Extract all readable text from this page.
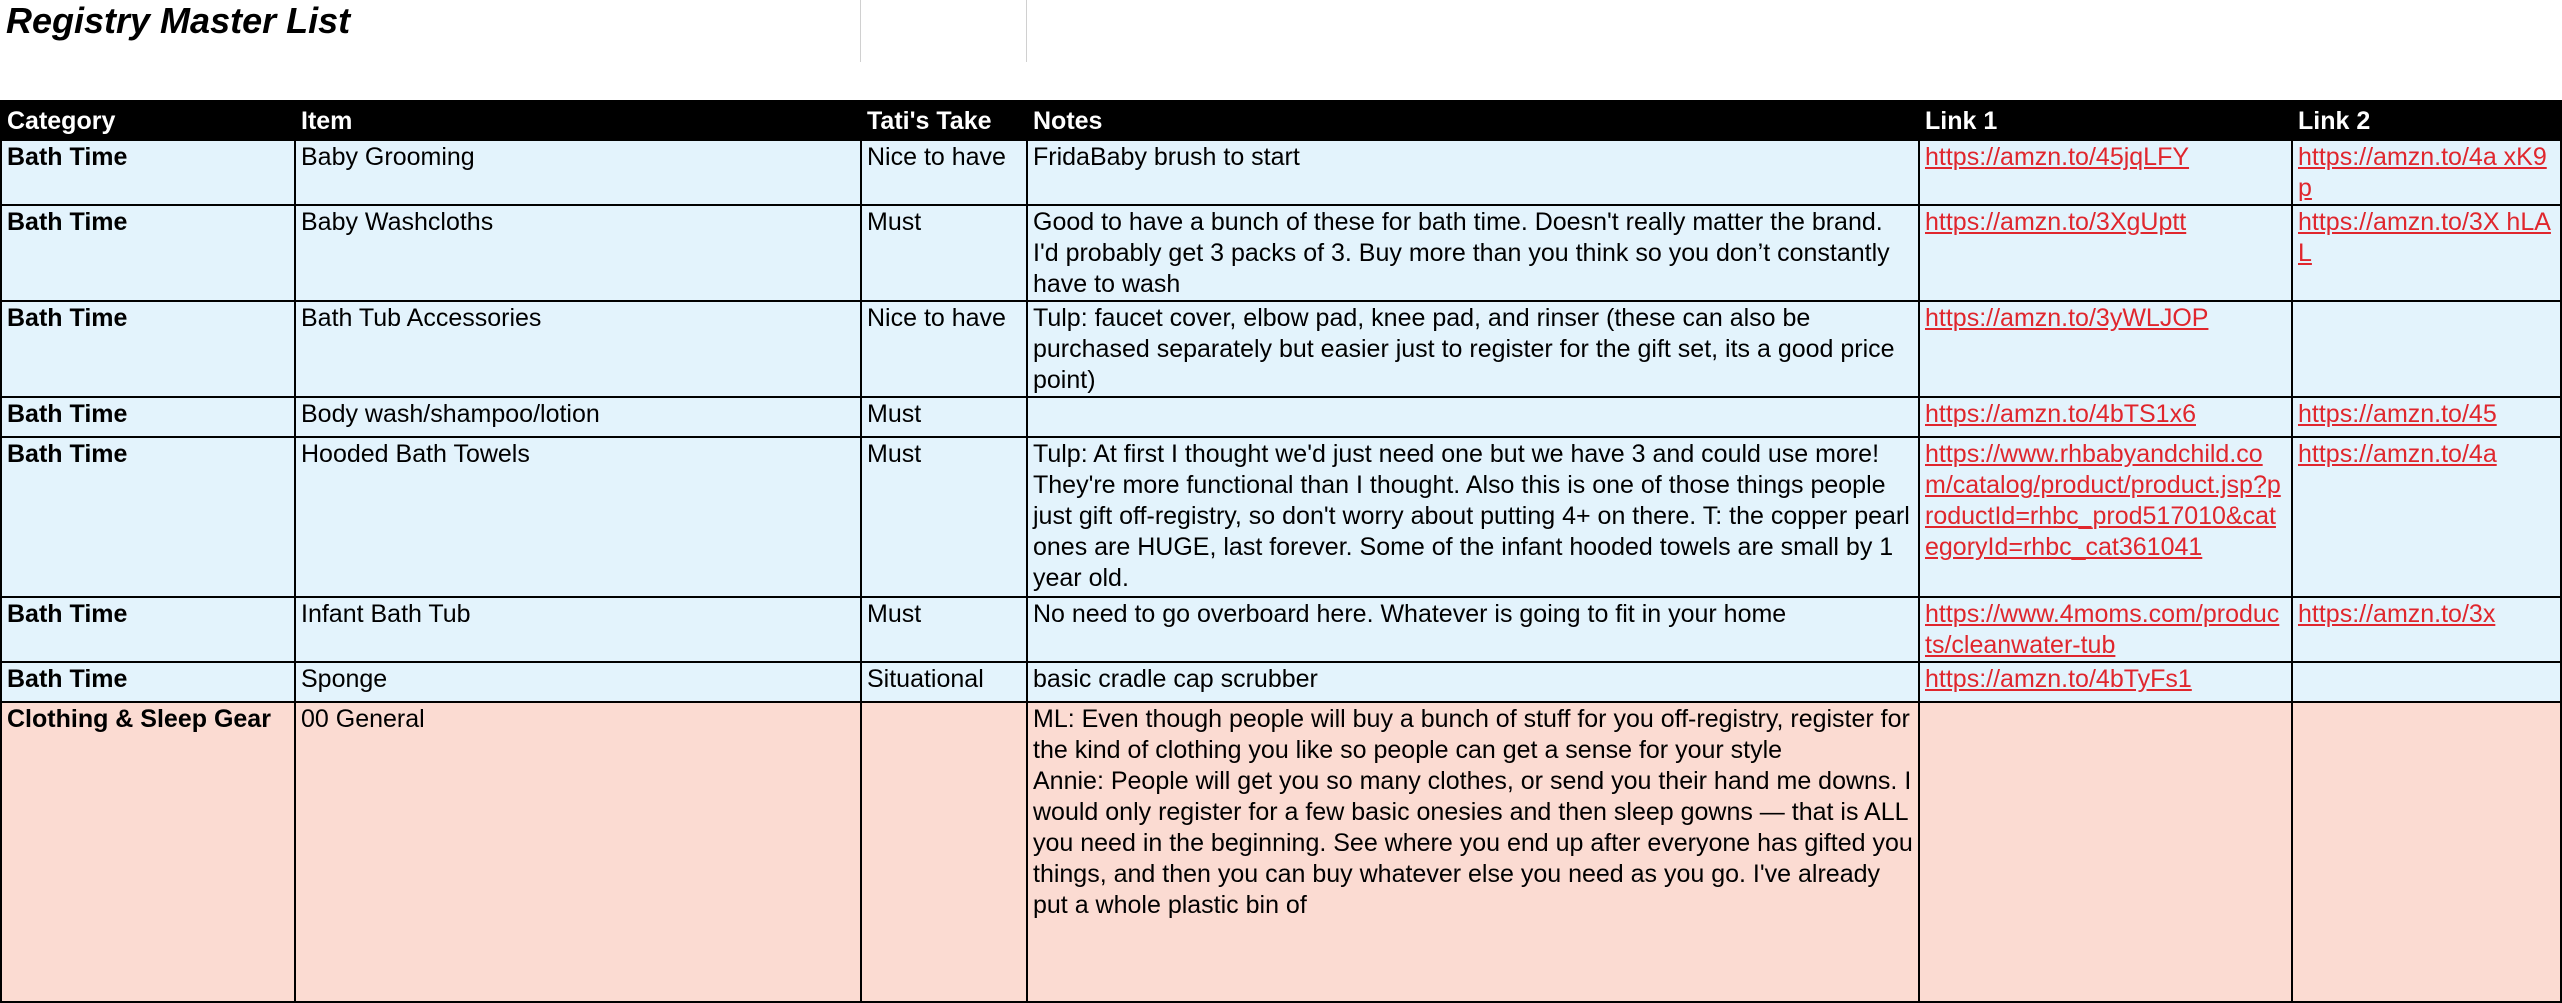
Registry Master List
Category	Item	Tati's Take	Notes	Link 1	Link 2
Bath Time	Baby Grooming	Nice to have	FridaBaby brush to start	https://amzn.to/45jqLFY	https://amzn.to/4a xK9p
Bath Time	Baby Washcloths	Must	Good to have a bunch of these for bath time. Doesn't really matter the brand. I'd probably get 3 packs of 3. Buy more than you think so you don’t constantly have to wash	https://amzn.to/3XgUptt	https://amzn.to/3X hLAL
Bath Time	Bath Tub Accessories	Nice to have	Tulp: faucet cover, elbow pad, knee pad, and rinser (these can also be purchased separately but easier just to register for the gift set, its a good price point)	https://amzn.to/3yWLJOP	
Bath Time	Body wash/shampoo/lotion	Must		https://amzn.to/4bTS1x6	https://amzn.to/45
Bath Time	Hooded Bath Towels	Must	Tulp: At first I thought we'd just need one but we have 3 and could use more! They're more functional than I thought. Also this is one of those things people just gift off-registry, so don't worry about putting 4+ on there. T: the copper pearl ones are HUGE, last forever. Some of the infant hooded towels are small by 1 year old.	https://www.rhbabyandchild.com/catalog/product/product.jsp?productId=rhbc_prod517010&categoryId=rhbc_cat361041	https://amzn.to/4a
Bath Time	Infant Bath Tub	Must	No need to go overboard here. Whatever is going to fit in your home	https://www.4moms.com/products/cleanwater-tub	https://amzn.to/3x
Bath Time	Sponge	Situational	basic cradle cap scrubber	https://amzn.to/4bTyFs1	
Clothing & Sleep Gear	00 General		ML: Even though people will buy a bunch of stuff for you off-registry, register for the kind of clothing you like so people can get a sense for your style

Annie: People will get you so many clothes, or send you their hand me downs. I would only register for a few basic onesies and then sleep gowns — that is ALL you need in the beginning. See where you end up after everyone has gifted you things, and then you can buy whatever else you need as you go. I've already put a whole plastic bin of		
